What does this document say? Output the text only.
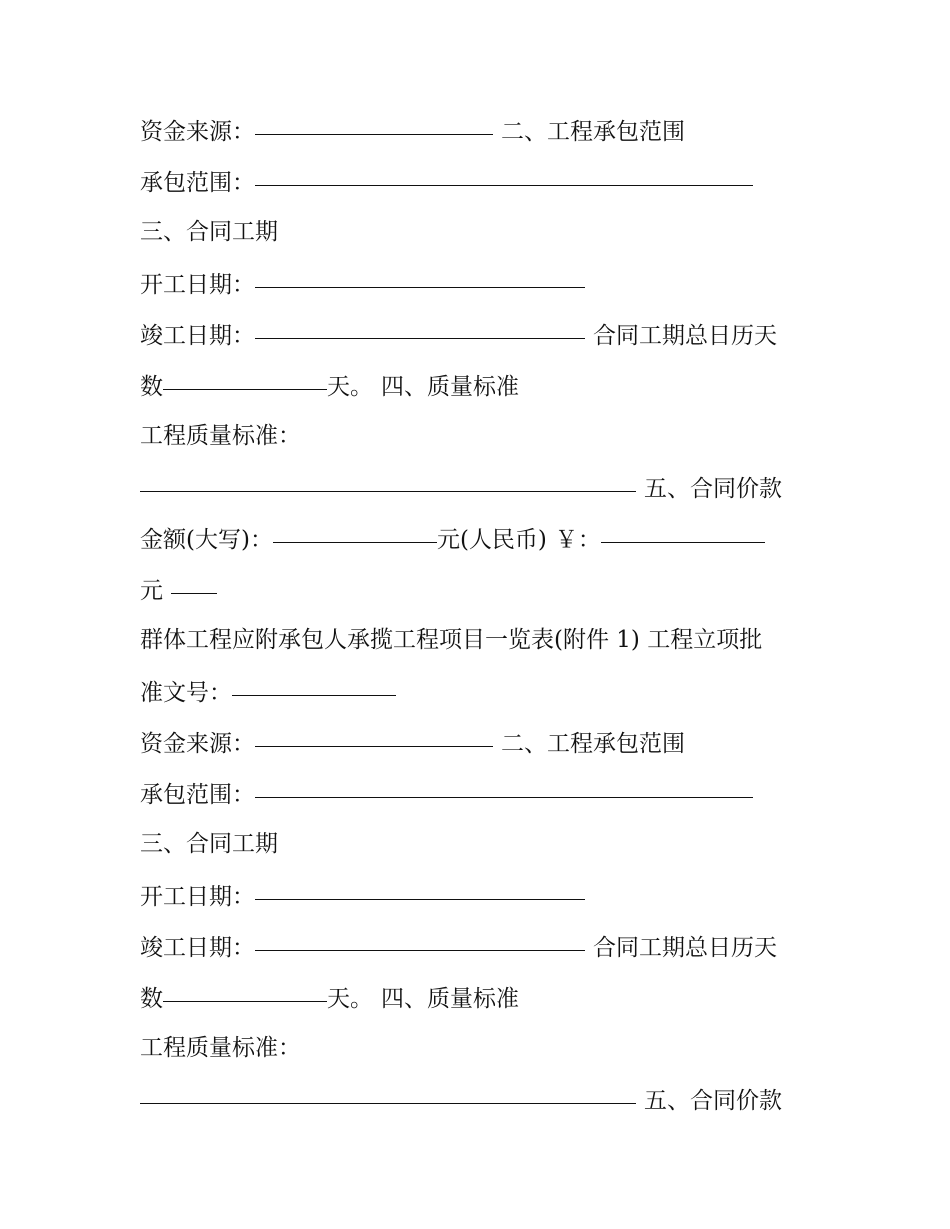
资金来源：	二、工程承包范围
承包范围：
三、合同工期
开工日期：
竣工日期：	合同工期总日历天
数	天。 四、质量标准
工程质量标准：
五、合同价款
金额(大写)：	元(人民币) ￥：
元
群体工程应附承包人承揽工程项目一览表(附件 1) 工程立项批
准文号：
资金来源：	二、工程承包范围
承包范围：
三、合同工期
开工日期：
竣工日期：	合同工期总日历天
数	天。 四、质量标准
工程质量标准：
五、合同价款
